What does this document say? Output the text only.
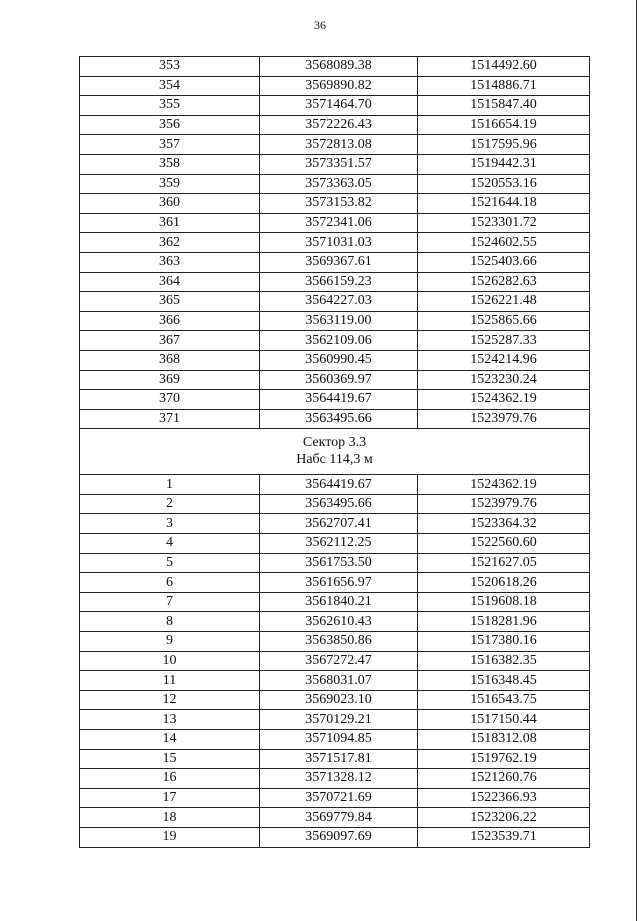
36
353	3568089.38	1514492.60
354	3569890.82	1514886.71
355	3571464.70	1515847.40
356	3572226.43	1516654.19
357	3572813.08	1517595.96
358	3573351.57	1519442.31
359	3573363.05	1520553.16
360	3573153.82	1521644.18
361	3572341.06	1523301.72
362	3571031.03	1524602.55
363	3569367.61	1525403.66
364	3566159.23	1526282.63
365	3564227.03	1526221.48
366	3563119.00	1525865.66
367	3562109.06	1525287.33
368	3560990.45	1524214.96
369	3560369.97	1523230.24
370	3564419.67	1524362.19
371	3563495.66	1523979.76

Сектор 3.3
Набс 114,3 м		

1	3564419.67	1524362.19
2	3563495.66	1523979.76
3	3562707.41	1523364.32
4	3562112.25	1522560.60
5	3561753.50	1521627.05
6	3561656.97	1520618.26
7	3561840.21	1519608.18
8	3562610.43	1518281.96
9	3563850.86	1517380.16
10	3567272.47	1516382.35
11	3568031.07	1516348.45
12	3569023.10	1516543.75
13	3570129.21	1517150.44
14	3571094.85	1518312.08
15	3571517.81	1519762.19
16	3571328.12	1521260.76
17	3570721.69	1522366.93
18	3569779.84	1523206.22
19	3569097.69	1523539.71
